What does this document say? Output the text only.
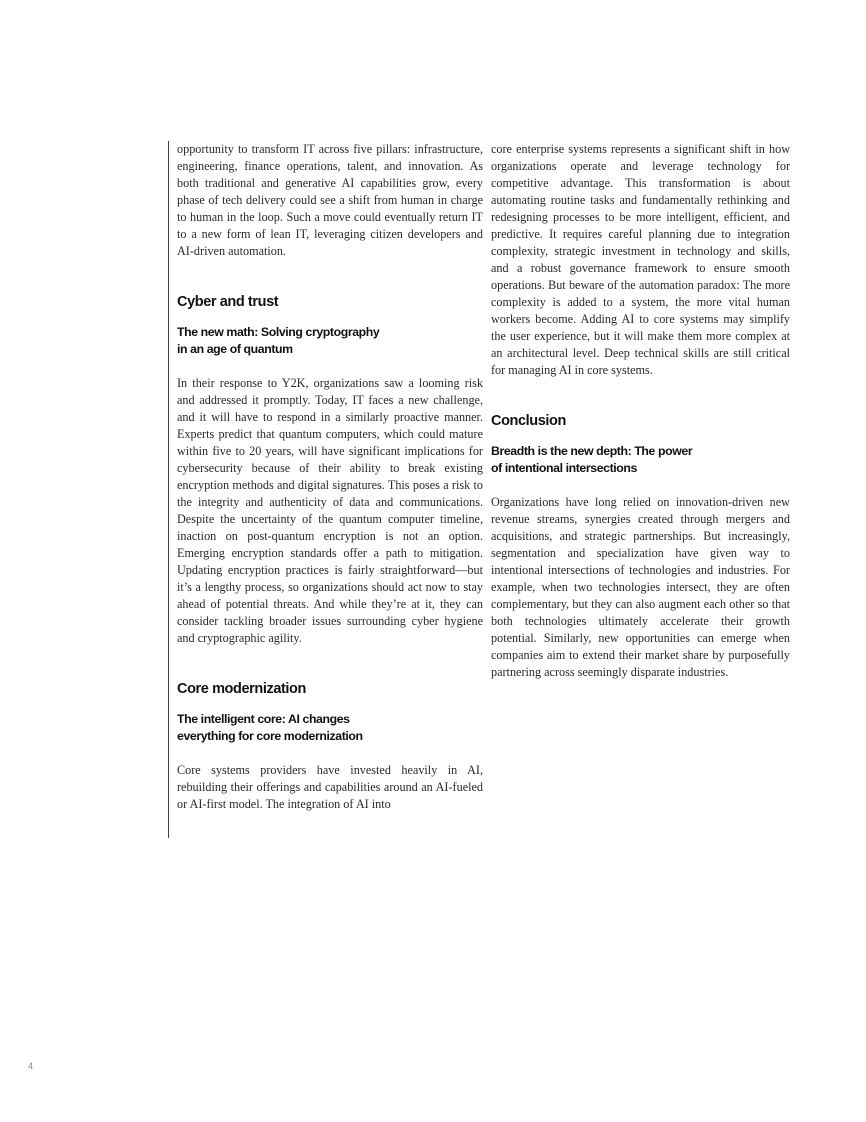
opportunity to transform IT across five pillars: infrastructure, engineering, finance operations, talent, and innovation. As both traditional and generative AI capabilities grow, every phase of tech delivery could see a shift from human in charge to human in the loop. Such a move could eventually return IT to a new form of lean IT, leveraging citizen developers and AI-driven automation.

Cyber and trust
The new math: Solving cryptography
in an age of quantum

In their response to Y2K, organizations saw a looming risk and addressed it promptly. Today, IT faces a new challenge, and it will have to respond in a similarly proactive manner. Experts predict that quantum computers, which could mature within five to 20 years, will have significant implications for cybersecurity because of their ability to break existing encryption methods and digital signatures. This poses a risk to the integrity and authenticity of data and communications. Despite the uncertainty of the quantum computer timeline, inaction on post-quantum encryption is not an option. Emerging encryption standards offer a path to mitigation. Updating encryption practices is fairly straightforward—but it’s a lengthy process, so organizations should act now to stay ahead of potential threats. And while they’re at it, they can consider tackling broader issues surrounding cyber hygiene and cryptographic agility.

Core modernization
The intelligent core: AI changes
everything for core modernization

Core systems providers have invested heavily in AI, rebuilding their offerings and capabilities around an AI-fueled or AI-first model. The integration of AI into

core enterprise systems represents a significant shift in how organizations operate and leverage technology for competitive advantage. This transformation is about automating routine tasks and fundamentally rethinking and redesigning processes to be more intelligent, efficient, and predictive. It requires careful planning due to integration complexity, strategic investment in technology and skills, and a robust governance framework to ensure smooth operations. But beware of the automation paradox: The more complexity is added to a system, the more vital human workers become. Adding AI to core systems may simplify the user experience, but it will make them more complex at an architectural level. Deep technical skills are still critical for managing AI in core systems.

Conclusion
Breadth is the new depth: The power
of intentional intersections

Organizations have long relied on innovation-driven new revenue streams, synergies created through mergers and acquisitions, and strategic partnerships. But increasingly, segmentation and specialization have given way to intentional intersections of technologies and industries. For example, when two technologies intersect, they are often complementary, but they can also augment each other so that both technologies ultimately accelerate their growth potential. Similarly, new opportunities can emerge when companies aim to extend their market share by purposefully partnering across seemingly disparate industries.

4
